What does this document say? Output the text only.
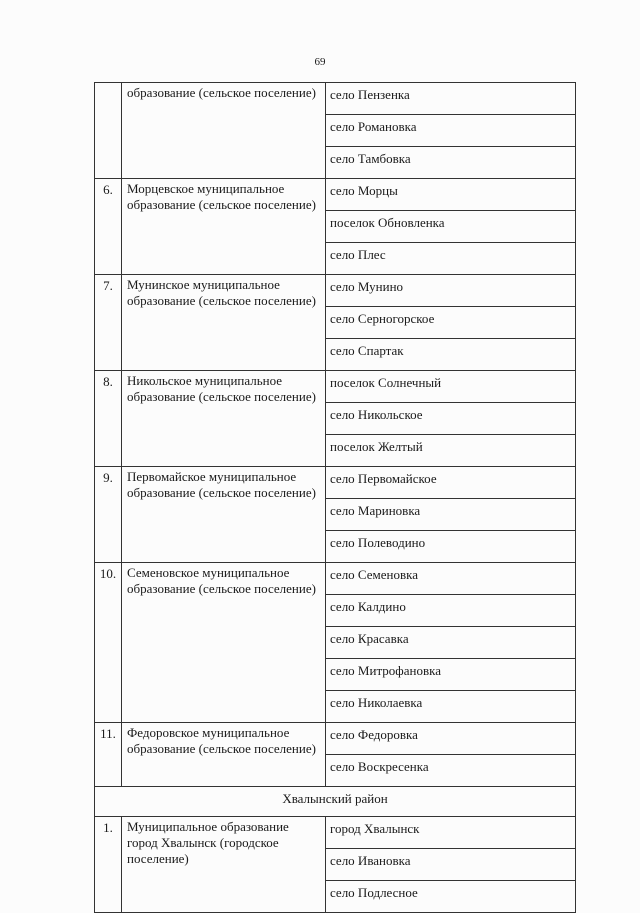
69
	образование (сельское поселение)	село Пензенка
		село Романовка
		село Тамбовка
6.	Морцевское муниципальное образование (сельское поселение)	село Морцы
		поселок Обновленка
		село Плес
7.	Мунинское муниципальное образование (сельское поселение)	село Мунино
		село Серногорское
		село Спартак
8.	Никольское муниципальное образование (сельское поселение)	поселок Солнечный
		село Никольское
		поселок Желтый
9.	Первомайское муниципальное образование (сельское поселение)	село Первомайское
		село Мариновка
		село Полеводино
10.	Семеновское муниципальное образование (сельское поселение)	село Семеновка
		село Калдино
		село Красавка
		село Митрофановка
		село Николаевка
11.	Федоровское муниципальное образование (сельское поселение)	село Федоровка
		село Воскресенка
Хвалынский район		
1.	Муниципальное образование город Хвалынск (городское поселение)	город Хвалынск
		село Ивановка
		село Подлесное
